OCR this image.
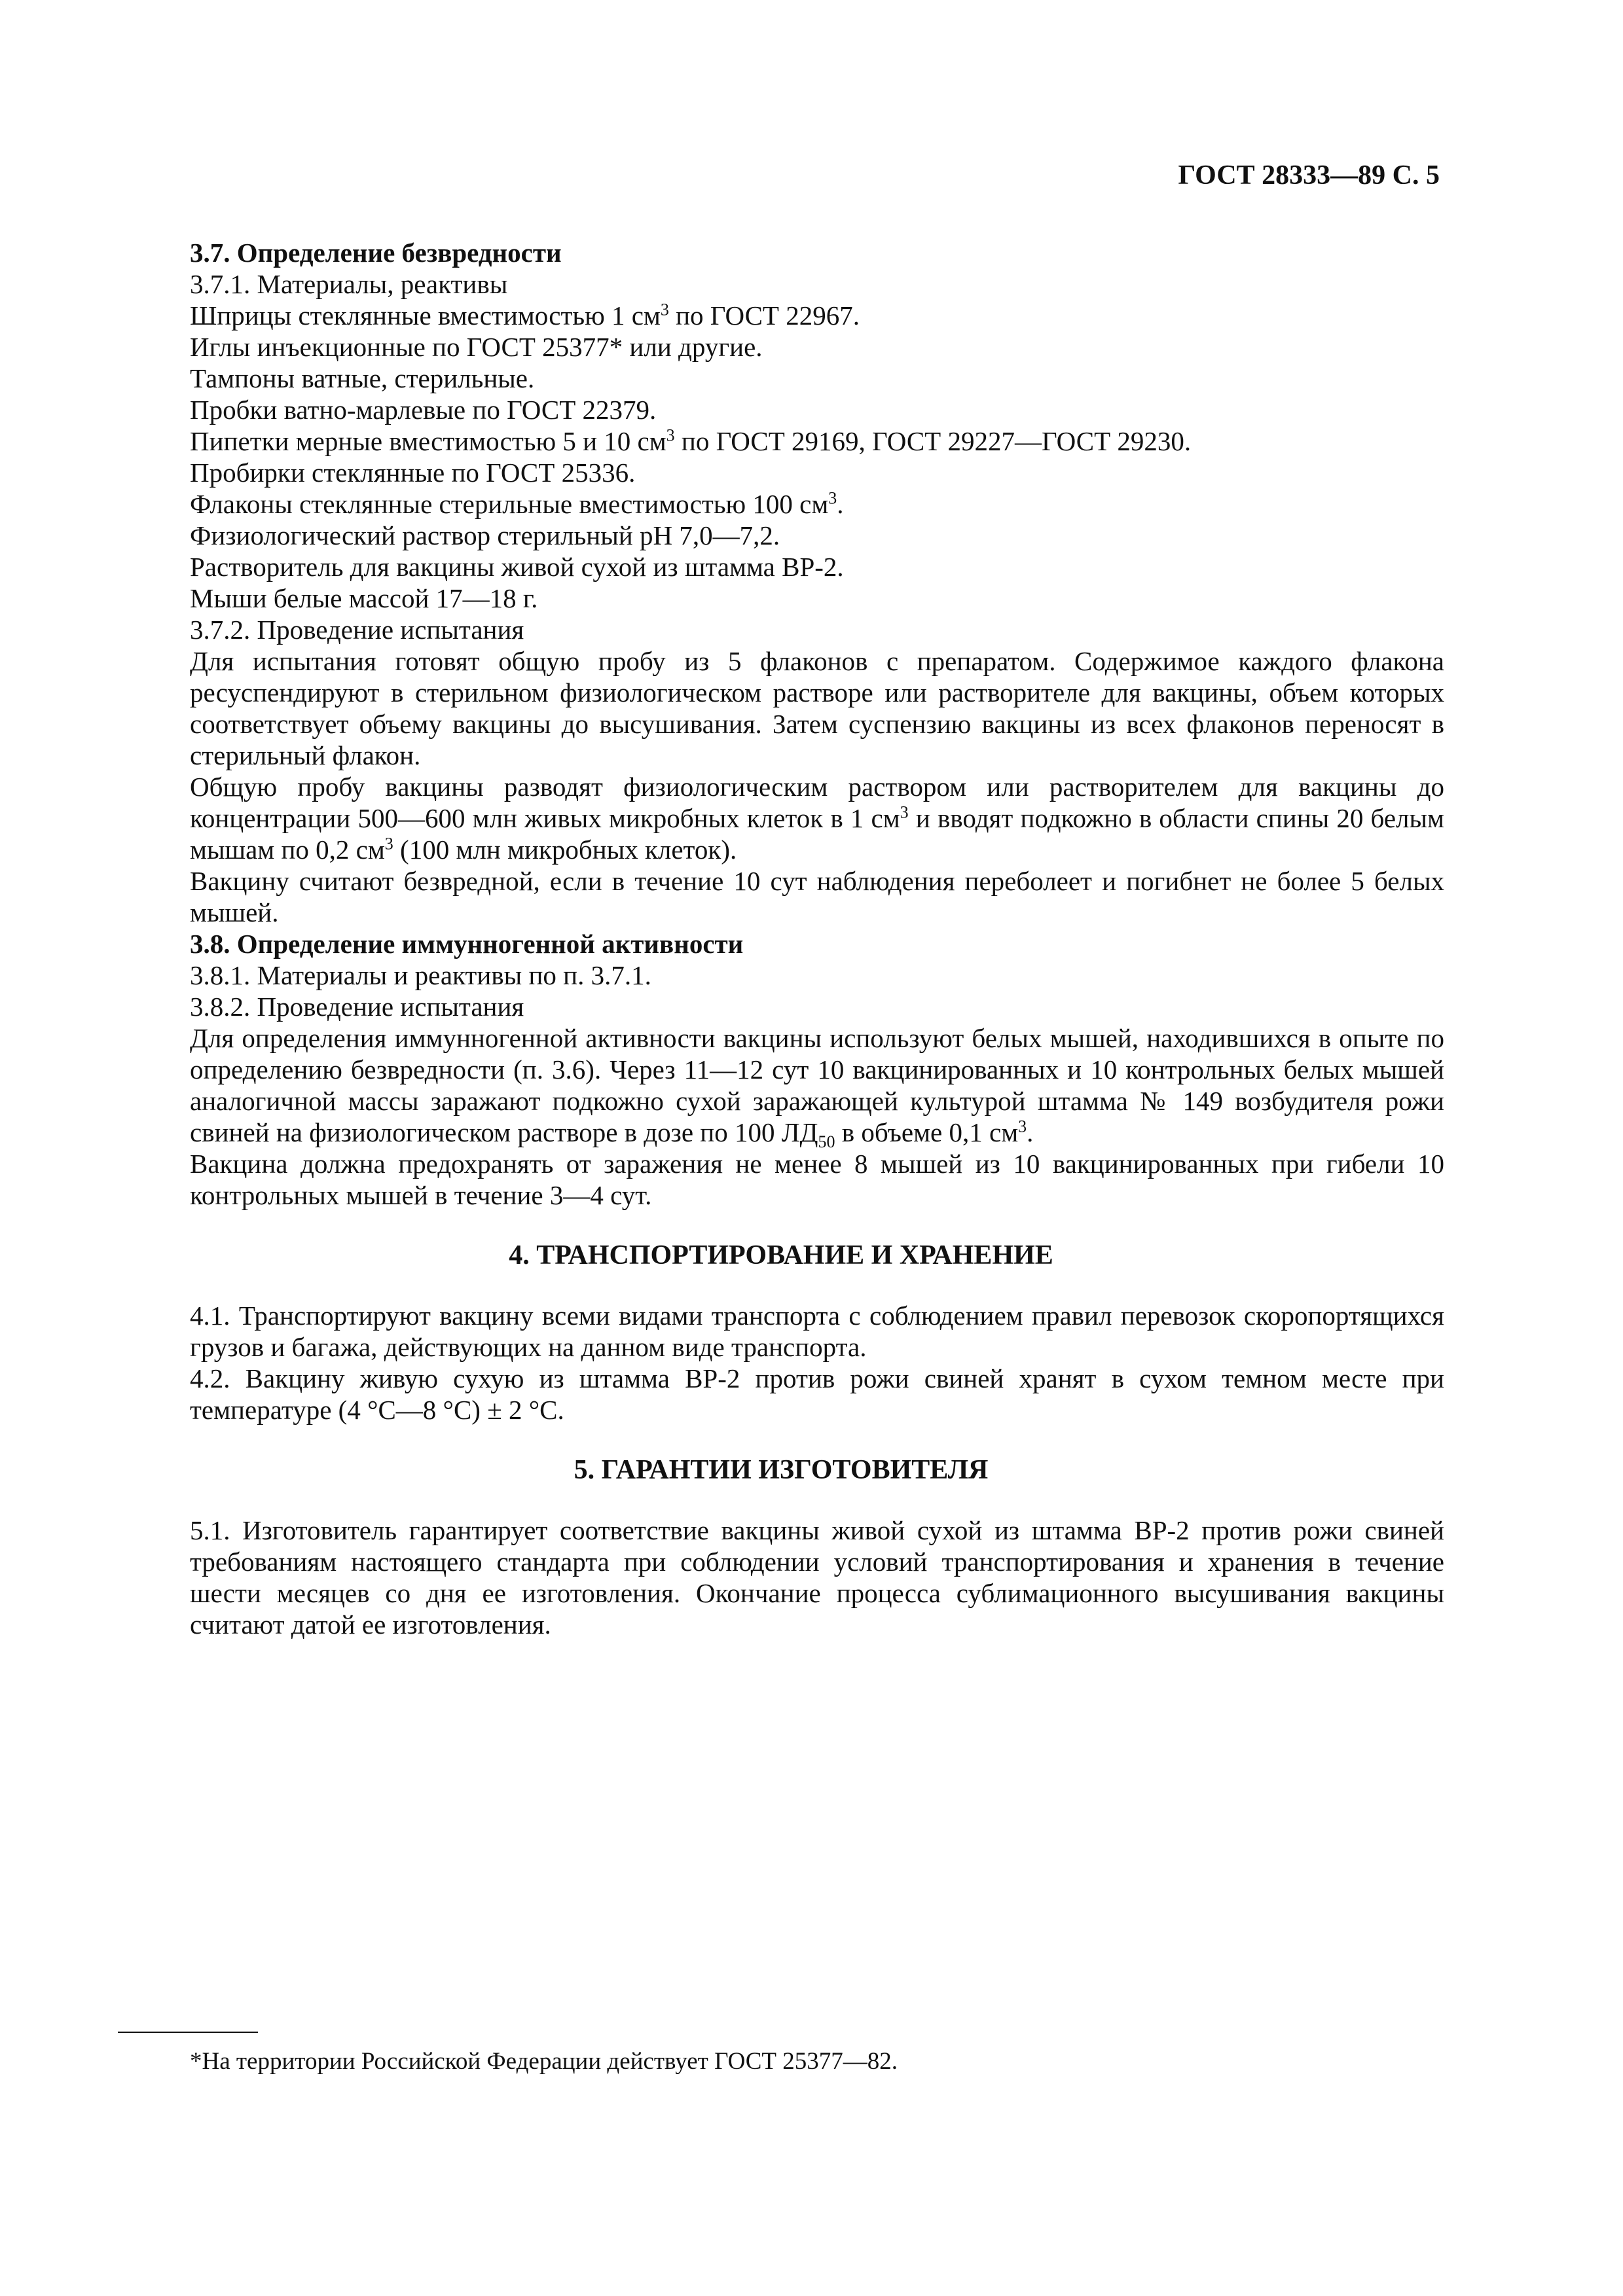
ГОСТ 28333—89 С. 5

3.7. Определение безвредности

3.7.1. Материалы, реактивы

Шприцы стеклянные вместимостью 1 $см^3$ по ГОСТ 22967.

Иглы инъекционные по ГОСТ 25377* или другие.

Тампоны ватные, стерильные.

Пробки ватно-марлевые по ГОСТ 22379.

Пипетки мерные вместимостью 5 и 10 $см^3$ по ГОСТ 29169, ГОСТ 29227—ГОСТ 29230.

Пробирки стеклянные по ГОСТ 25336.

Флаконы стеклянные стерильные вместимостью 100 $см^3$.

Физиологический раствор стерильный pH 7,0—7,2.

Растворитель для вакцины живой сухой из штамма ВР-2.

Мыши белые массой 17—18 г.

3.7.2. Проведение испытания

Для испытания готовят общую пробу из 5 флаконов с препаратом. Содержимое каждого флакона ресуспендируют в стерильном физиологическом растворе или растворителе для вакцины, объем которых соответствует объему вакцины до высушивания. Затем суспензию вакцины из всех флаконов переносят в стерильный флакон.

Общую пробу вакцины разводят физиологическим раствором или растворителем для вакцины до концентрации 500—600 млн живых микробных клеток в 1 $см^3$ и вводят подкожно в области спины 20 белым мышам по 0,2 $см^3$ (100 млн микробных клеток).

Вакцину считают безвредной, если в течение 10 сут наблюдения переболеет и погибнет не более 5 белых мышей.

3.8. Определение иммунногенной активности

3.8.1. Материалы и реактивы по п. 3.7.1.

3.8.2. Проведение испытания

Для определения иммунногенной активности вакцины используют белых мышей, находившихся в опыте по определению безвредности (п. 3.6). Через 11—12 сут 10 вакцинированных и 10 контрольных белых мышей аналогичной массы заражают подкожно сухой заражающей культурой штамма № 149 возбудителя рожи свиней на физиологическом растворе в дозе по 100 $ЛД_{50}$ в объеме 0,1 $см^3$.

Вакцина должна предохранять от заражения не менее 8 мышей из 10 вакцинированных при гибели 10 контрольных мышей в течение 3—4 сут.

4. ТРАНСПОРТИРОВАНИЕ И ХРАНЕНИЕ

4.1. Транспортируют вакцину всеми видами транспорта с соблюдением правил перевозок скоропортящихся грузов и багажа, действующих на данном виде транспорта.

4.2. Вакцину живую сухую из штамма ВР-2 против рожи свиней хранят в сухом темном месте при температуре (4 °С—8 °С) ± 2 °С.

5. ГАРАНТИИ ИЗГОТОВИТЕЛЯ

5.1. Изготовитель гарантирует соответствие вакцины живой сухой из штамма ВР-2 против рожи свиней требованиям настоящего стандарта при соблюдении условий транспортирования и хранения в течение шести месяцев со дня ее изготовления. Окончание процесса сублимационного высушивания вакцины считают датой ее изготовления.

*На территории Российской Федерации действует ГОСТ 25377—82.
